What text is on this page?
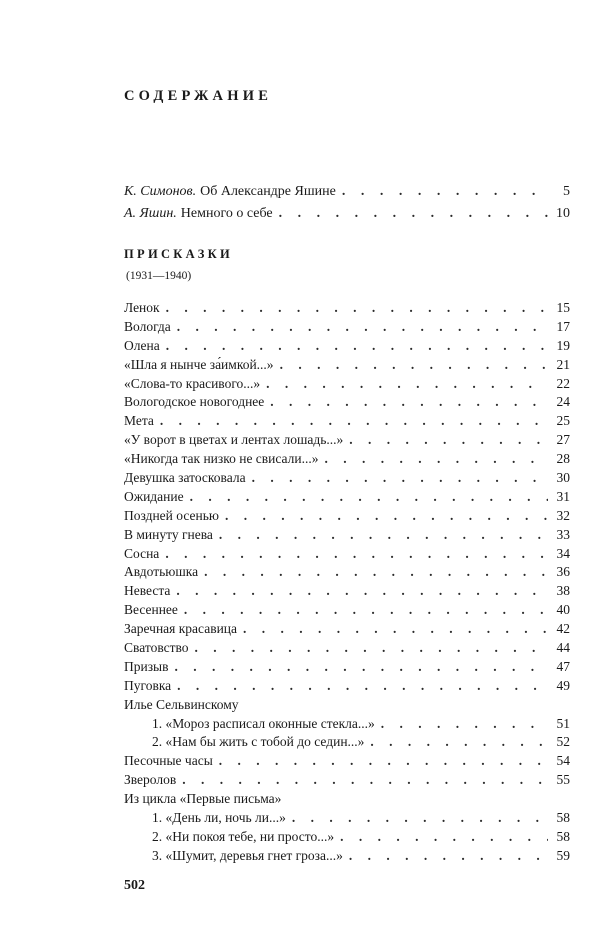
СОДЕРЖАНИЕ
К. Симонов. Об Александре Яшине . . .	5
А. Яшин. Немного о себе . . .	10
ПРИСКАЗКИ

(1931—1940)

Ленок . . .	15
Вологда . . .	17
Олена . . .	19
«Шла я нынче за́имкой...» . . .	21
«Слова-то красивого...» . . .	22
Вологодское новогоднее . . .	24
Мета . . .	25
«У ворот в цветах и лентах лошадь...» . . .	27
«Никогда так низко не свисали...» . . .	28
Девушка затосковала . . .	30
Ожидание . . .	31
Поздней осенью . . .	32
В минуту гнева . . .	33
Сосна . . .	34
Авдотьюшка . . .	36
Невеста . . .	38
Весеннее . . .	40
Заречная красавица . . .	42
Сватовство . . .	44
Призыв . . .	47
Пуговка . . .	49
Илье Сельвинскому
1. «Мороз расписал оконные стекла...» . . .	51
2. «Нам бы жить с тобой до седин...» . . .	52
Песочные часы . . .	54
Зверолов . . .	55
Из цикла «Первые письма»
1. «День ли, ночь ли...» . . .	58
2. «Ни покоя тебе, ни просто...» . . .	58
3. «Шумит, деревья гнет гроза...» . . .	59

502
